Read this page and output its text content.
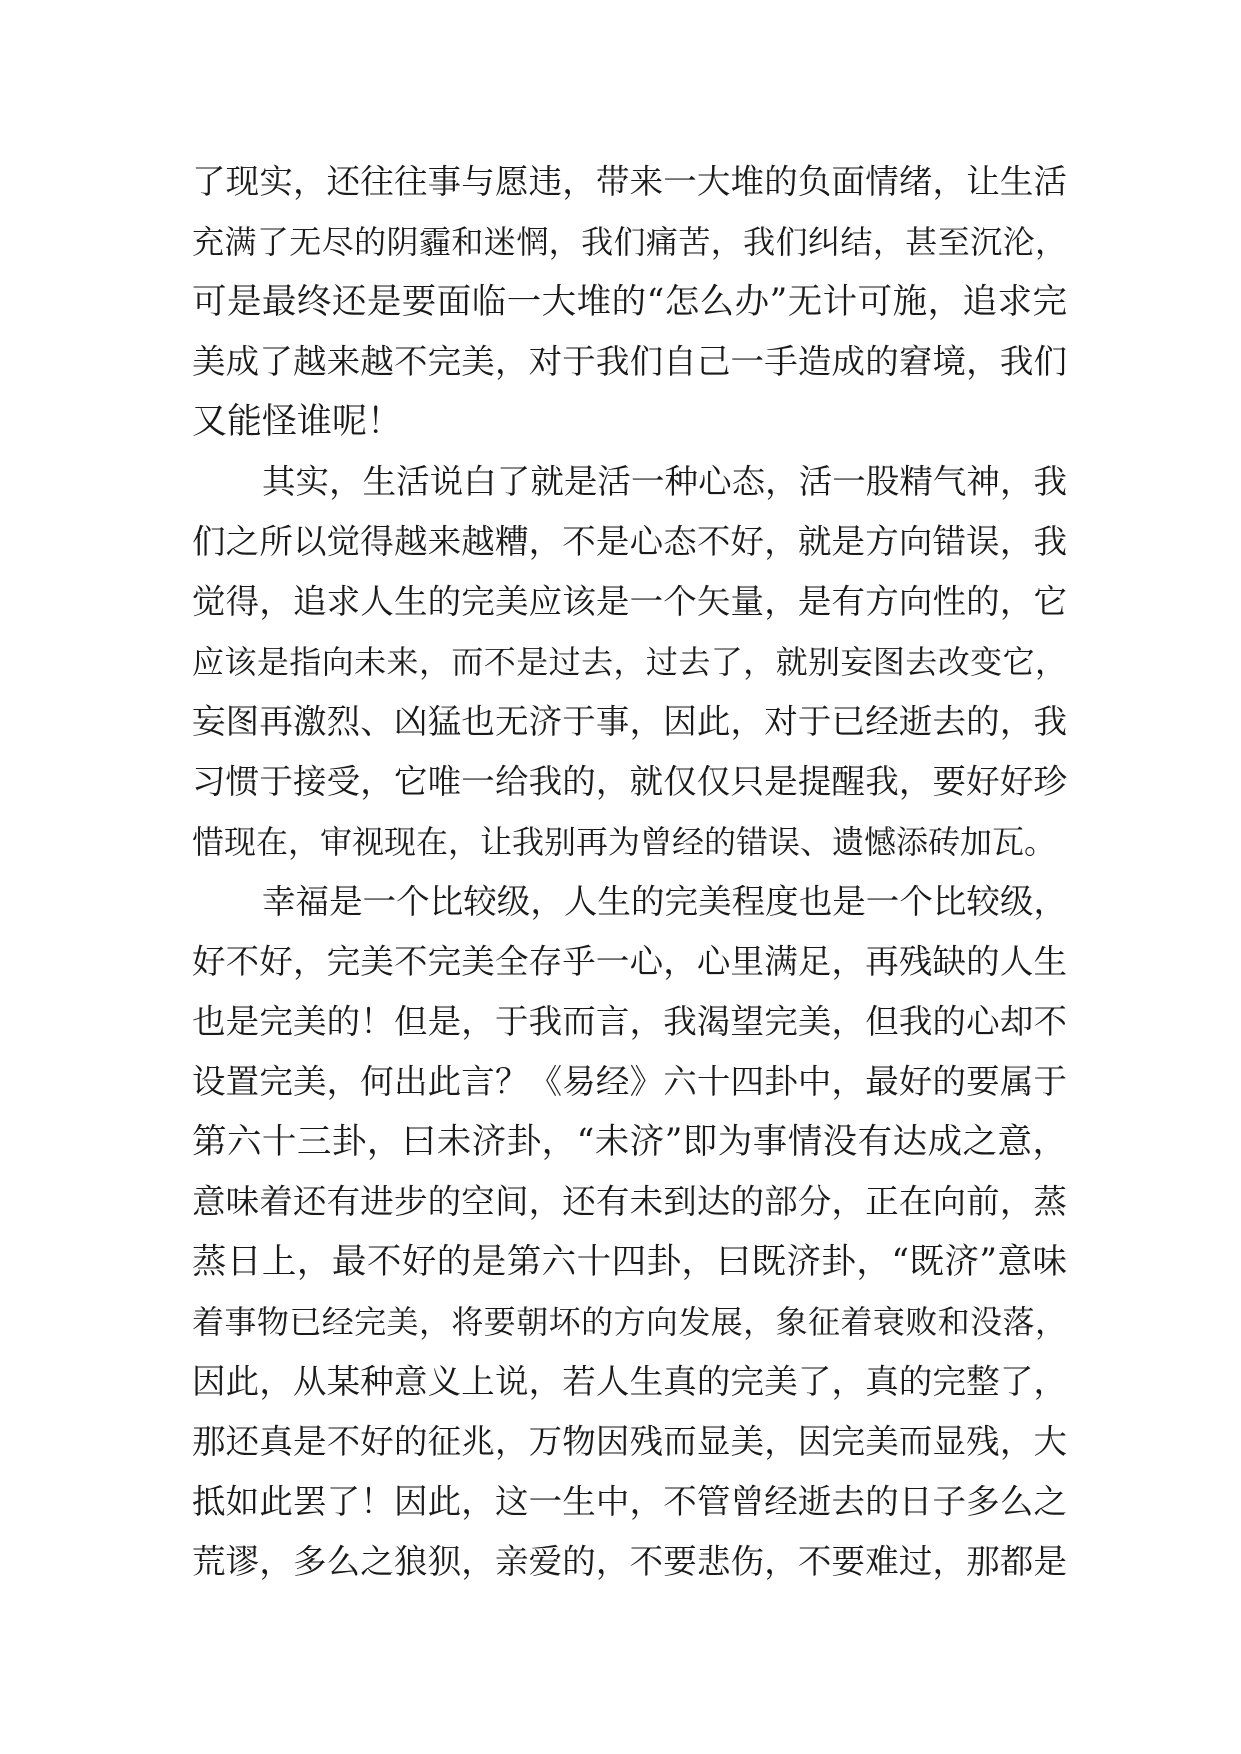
了现实，还往往事与愿违，带来一大堆的负面情绪，让生活
充满了无尽的阴霾和迷惘，我们痛苦，我们纠结，甚至沉沦，
可是最终还是要面临一大堆的“怎么办”无计可施，追求完
美成了越来越不完美，对于我们自己一手造成的窘境，我们
又能怪谁呢！
其实，生活说白了就是活一种心态，活一股精气神，我
们之所以觉得越来越糟，不是心态不好，就是方向错误，我
觉得，追求人生的完美应该是一个矢量，是有方向性的，它
应该是指向未来，而不是过去，过去了，就别妄图去改变它，
妄图再激烈、凶猛也无济于事，因此，对于已经逝去的，我
习惯于接受，它唯一给我的，就仅仅只是提醒我，要好好珍
惜现在，审视现在，让我别再为曾经的错误、遗憾添砖加瓦。
幸福是一个比较级，人生的完美程度也是一个比较级，
好不好，完美不完美全存乎一心，心里满足，再残缺的人生
也是完美的！但是，于我而言，我渴望完美，但我的心却不
设置完美，何出此言？《易经》六十四卦中，最好的要属于
第六十三卦，曰未济卦，“未济”即为事情没有达成之意，
意味着还有进步的空间，还有未到达的部分，正在向前，蒸
蒸日上，最不好的是第六十四卦，曰既济卦，“既济”意味
着事物已经完美，将要朝坏的方向发展，象征着衰败和没落，
因此，从某种意义上说，若人生真的完美了，真的完整了，
那还真是不好的征兆，万物因残而显美，因完美而显残，大
抵如此罢了！因此，这一生中，不管曾经逝去的日子多么之
荒谬，多么之狼狈，亲爱的，不要悲伤，不要难过，那都是
